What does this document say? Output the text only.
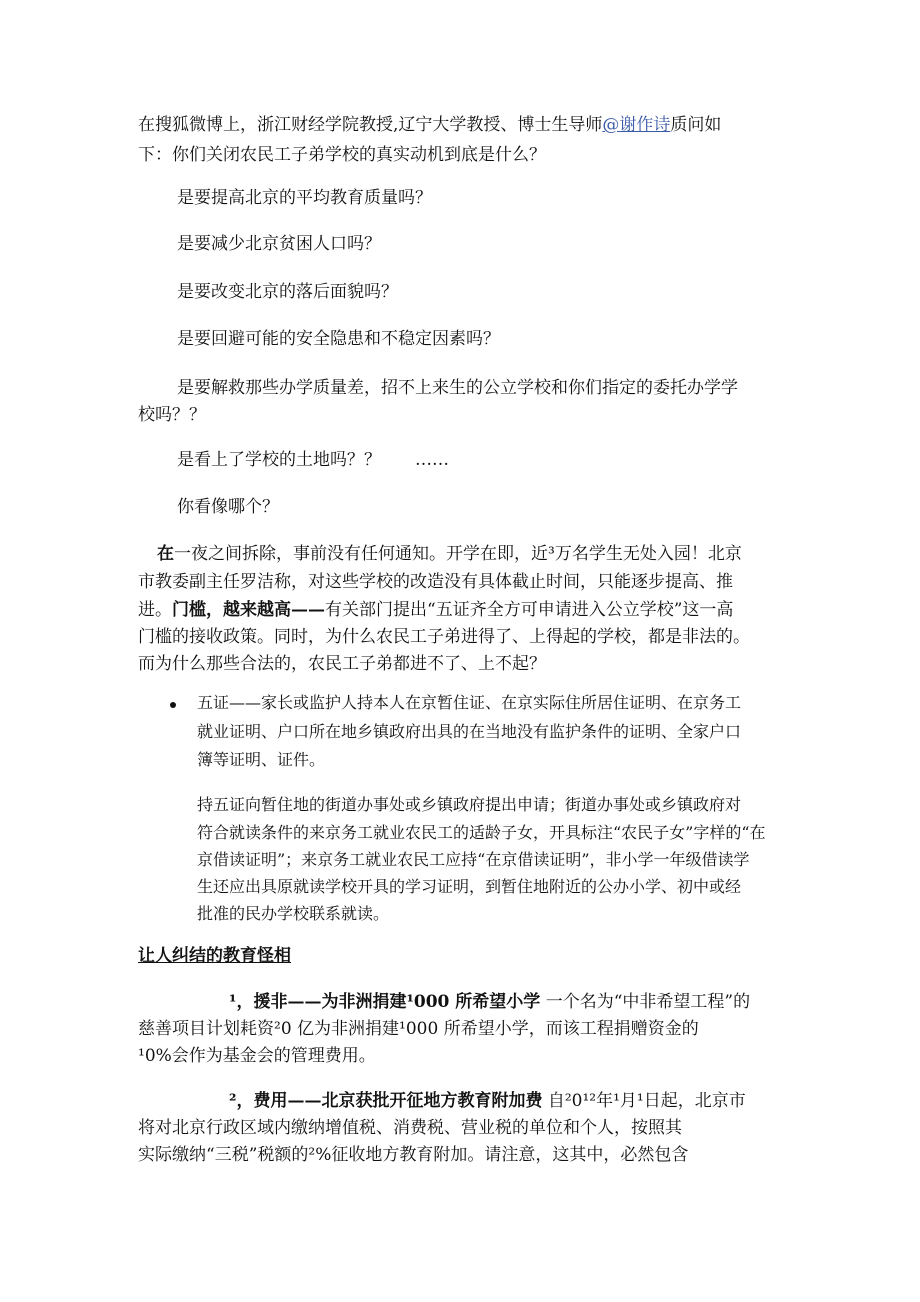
在搜狐微博上，浙江财经学院教授,辽宁大学教授、博士生导师@谢作诗质问如
下：你们关闭农民工子弟学校的真实动机到底是什么？
是要提高北京的平均教育质量吗？
是要减少北京贫困人口吗？
是要改变北京的落后面貌吗？
是要回避可能的安全隐患和不稳定因素吗？
是要解救那些办学质量差，招不上来生的公立学校和你们指定的委托办学学
校吗？？
是看上了学校的土地吗？？　　……
你看像哪个？
在一夜之间拆除，事前没有任何通知。开学在即，近³万名学生无处入园！北京
市教委副主任罗洁称，对这些学校的改造没有具体截止时间，只能逐步提高、推
进。门槛，越来越高——有关部门提出“五证齐全方可申请进入公立学校”这一高
门槛的接收政策。同时，为什么农民工子弟进得了、上得起的学校，都是非法的。
而为什么那些合法的，农民工子弟都进不了、上不起？
五证——家长或监护人持本人在京暂住证、在京实际住所居住证明、在京务工
就业证明、户口所在地乡镇政府出具的在当地没有监护条件的证明、全家户口
簿等证明、证件。
持五证向暂住地的街道办事处或乡镇政府提出申请；街道办事处或乡镇政府对
符合就读条件的来京务工就业农民工的适龄子女，开具标注“农民子女”字样的“在
京借读证明”；来京务工就业农民工应持“在京借读证明”，非小学一年级借读学
生还应出具原就读学校开具的学习证明，到暂住地附近的公办小学、初中或经
批准的民办学校联系就读。
让人纠结的教育怪相
¹，援非——为非洲捐建¹000 所希望小学 一个名为“中非希望工程”的
慈善项目计划耗资²0 亿为非洲捐建¹000 所希望小学，而该工程捐赠资金的
¹0%会作为基金会的管理费用。
²，费用——北京获批开征地方教育附加费 自²0¹²年¹月¹日起，北京市
将对北京行政区域内缴纳增值税、消费税、营业税的单位和个人，按照其
实际缴纳“三税”税额的²%征收地方教育附加。请注意，这其中，必然包含
